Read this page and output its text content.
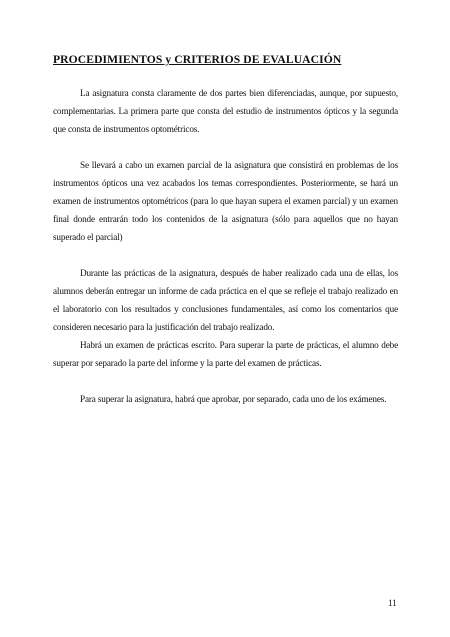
PROCEDIMIENTOS y CRITERIOS DE EVALUACIÓN

La asignatura consta claramente de dos partes bien diferenciadas, aunque, por supuesto, complementarias. La primera parte que consta del estudio de instrumentos ópticos y la segunda que consta de instrumentos optométricos.

Se llevará a cabo un examen parcial de la asignatura que consistirá en problemas de los instrumentos ópticos una vez acabados los temas correspondientes. Posteriormente, se hará un examen de instrumentos optométricos (para lo que hayan supera el examen parcial) y un examen final donde entrarán todo los contenidos de la asignatura (sólo para aquellos que no hayan superado el parcial)

Durante las prácticas de la asignatura, después de haber realizado cada una de ellas, los alumnos deberán entregar un informe de cada práctica en el que se refleje el trabajo realizado en el laboratorio con los resultados y conclusiones fundamentales, así como los comentarios que consideren necesario para la justificación del trabajo realizado.

Habrá un examen de prácticas escrito. Para superar la parte de prácticas, el alumno debe superar por separado la parte del informe y la parte del examen de prácticas.

Para superar la asignatura, habrá que aprobar, por separado, cada uno de los exámenes.

11
